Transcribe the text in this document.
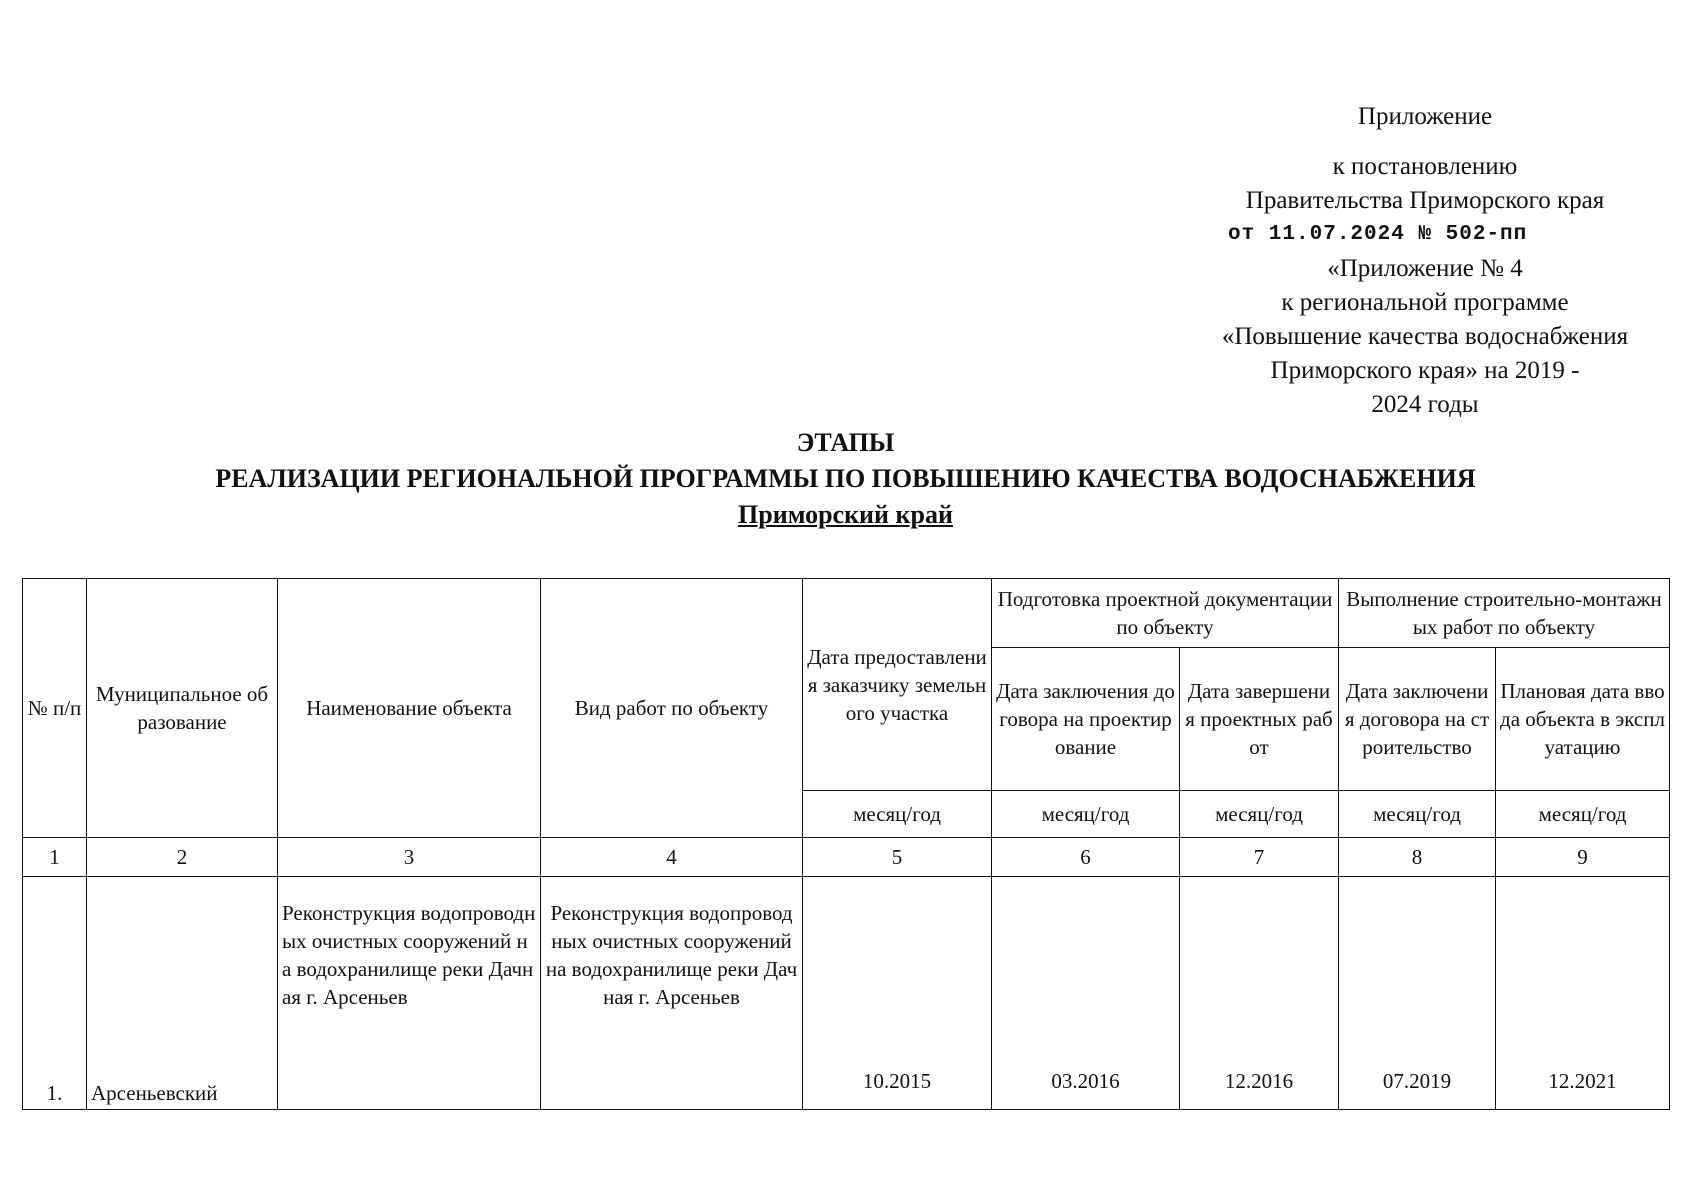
Приложение
к постановлению
Правительства Приморского края
от 11.07.2024 № 502-пп
«Приложение № 4
к региональной программе
«Повышение качества водоснабжения
Приморского края» на 2019 -
2024 годы
ЭТАПЫ
РЕАЛИЗАЦИИ РЕГИОНАЛЬНОЙ ПРОГРАММЫ ПО ПОВЫШЕНИЮ КАЧЕСТВА ВОДОСНАБЖЕНИЯ
Приморский край
№ п/п	Муниципальное образование	Наименование объекта	Вид работ по объекту	Дата предоставления заказчику земельного участка	Подготовка проектной документации по объекту		Выполнение строительно-монтажных работ по объекту	

					Дата заключения договора на проектирование	Дата завершения проектных работ	Дата заключения договора на строительство	Плановая дата ввода объекта в эксплуатацию

				месяц/год	месяц/год	месяц/год	месяц/год	месяц/год
1	2	3	4	5	6	7	8	9
1.	Арсеньевский	Реконструкция водопроводных очистных сооружений на водохранилище реки Дачная г. Арсеньев	Реконструкция водопроводных очистных сооружений на водохранилище реки Дачная г. Арсеньев	10.2015	03.2016	12.2016	07.2019	12.2021
